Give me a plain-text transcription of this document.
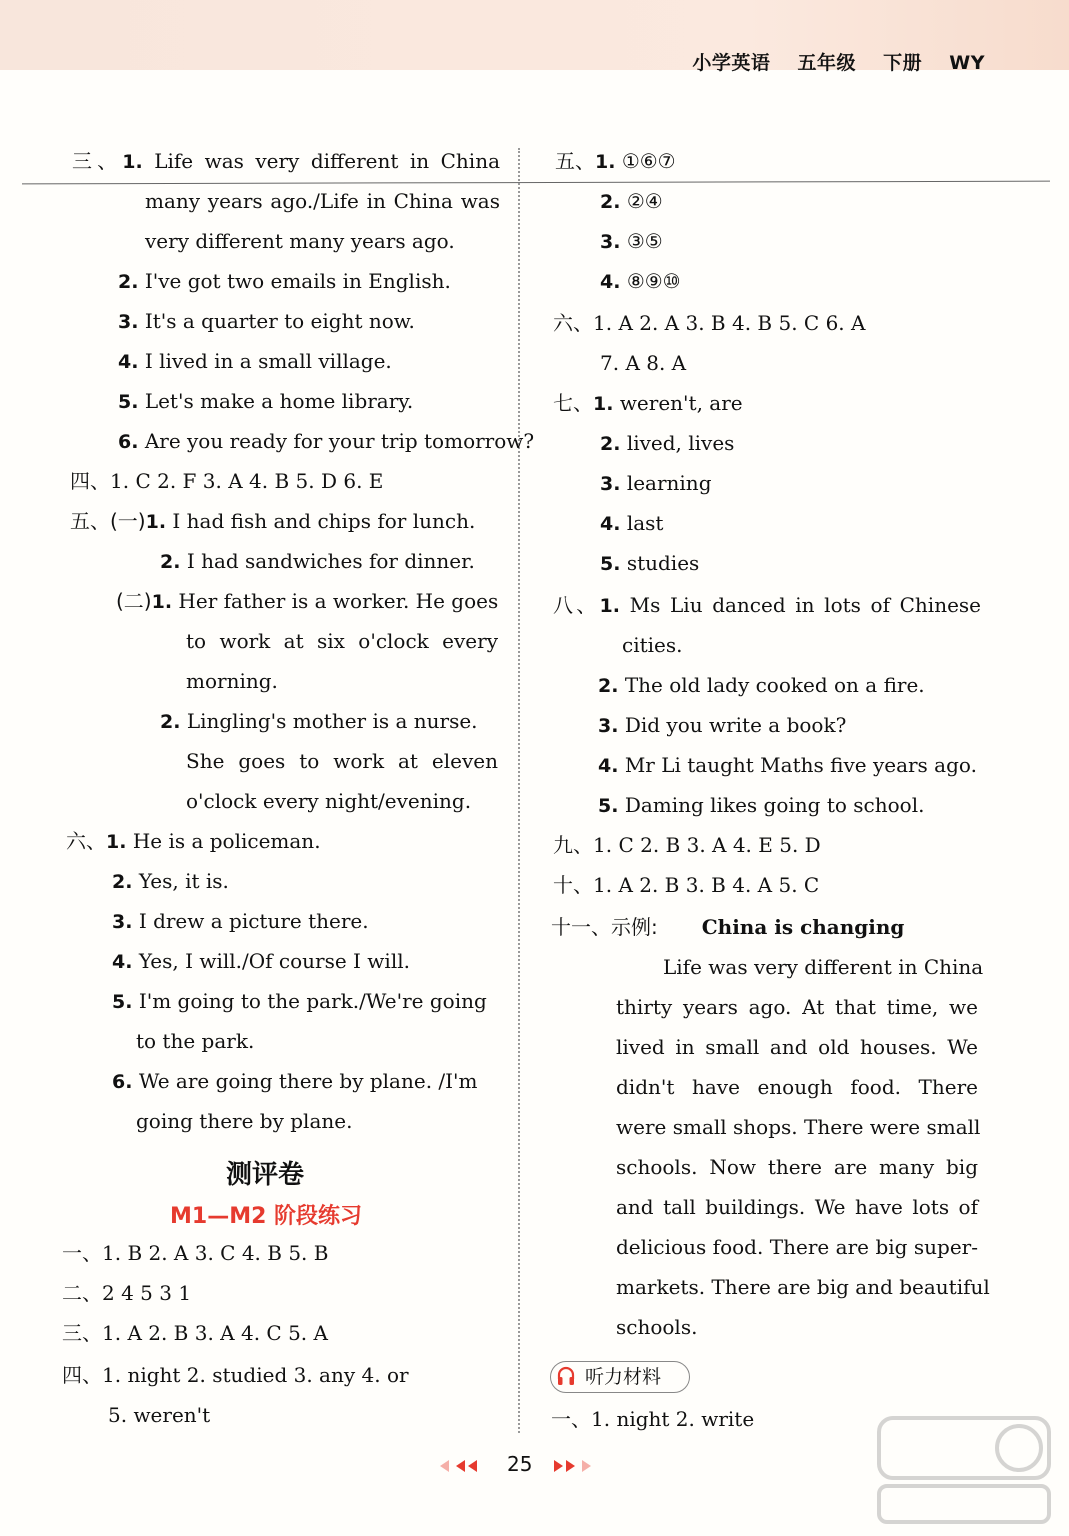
小学英语 五年级 下册 WY
三、1. Life was very different in China
many years ago./Life in China was
very different many years ago.
2. I've got two emails in English.
3. It's a quarter to eight now.
4. I lived in a small village.
5. Let's make a home library.
6. Are you ready for your trip tomorrow?
四、1. C 2. F 3. A 4. B 5. D 6. E
五、(一)1. I had fish and chips for lunch.
2. I had sandwiches for dinner.
(二)1. Her father is a worker. He goes
to work at six o'clock every
morning.
2. Lingling's mother is a nurse.
She goes to work at eleven
o'clock every night/evening.
六、1. He is a policeman.
2. Yes, it is.
3. I drew a picture there.
4. Yes, I will./Of course I will.
5. I'm going to the park./We're going
to the park.
6. We are going there by plane. /I'm
going there by plane.
一、1. B 2. A 3. C 4. B 5. B
二、2 4 5 3 1
三、1. A 2. B 3. A 4. C 5. A
四、1. night 2. studied 3. any 4. or
5. weren't
五、1. ①⑥⑦
2. ②④
3. ③⑤
4. ⑧⑨⑩
六、1. A 2. A 3. B 4. B 5. C 6. A
7. A 8. A
七、1. weren't, are
2. lived, lives
3. learning
4. last
5. studies
八、1. Ms Liu danced in lots of Chinese
cities.
2. The old lady cooked on a fire.
3. Did you write a book?
4. Mr Li taught Maths five years ago.
5. Daming likes going to school.
九、1. C 2. B 3. A 4. E 5. D
十、1. A 2. B 3. B 4. A 5. C
十一、示例: China is changing
Life was very different in China
thirty years ago. At that time, we
lived in small and old houses. We
didn't have enough food. There
were small shops. There were small
schools. Now there are many big
and tall buildings. We have lots of
delicious food. There are big super-
markets. There are big and beautiful
schools.
一、1. night 2. write
测评卷
M1—M2 阶段练习
听力材料
25
